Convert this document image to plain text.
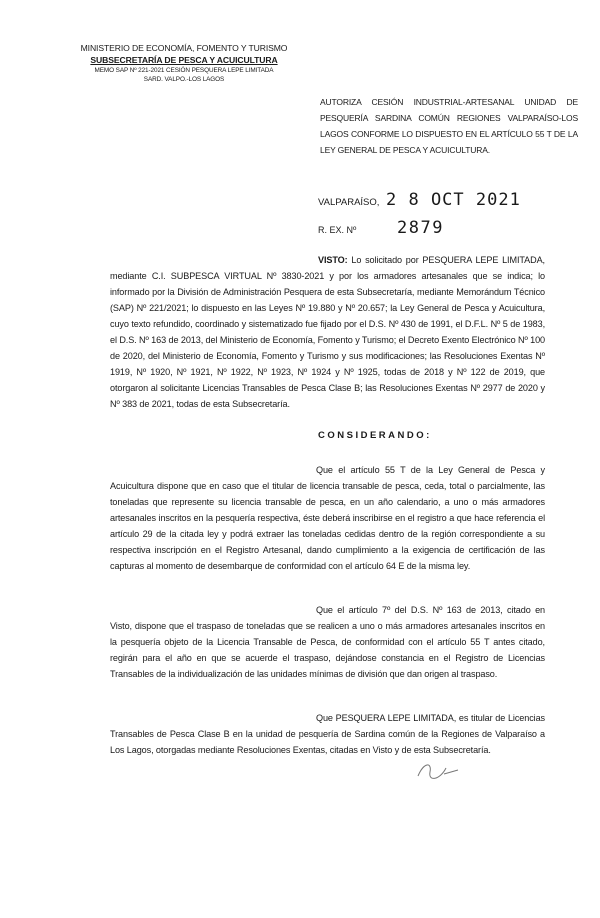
MINISTERIO DE ECONOMÍA, FOMENTO Y TURISMO
SUBSECRETARÍA DE PESCA Y ACUICULTURA
MEMO SAP Nº 221-2021 CESIÓN PESQUERA LEPE LIMITADA
SARD. VALPO.-LOS LAGOS
AUTORIZA CESIÓN INDUSTRIAL-ARTESANAL UNIDAD DE PESQUERÍA SARDINA COMÚN REGIONES VALPARAÍSO-LOS LAGOS CONFORME LO DISPUESTO EN EL ARTÍCULO 55 T DE LA LEY GENERAL DE PESCA Y ACUICULTURA.
VALPARAÍSO, 2 8 OCT 2021
R. EX. Nº 2879
VISTO: Lo solicitado por PESQUERA LEPE LIMITADA, mediante C.I. SUBPESCA VIRTUAL Nº 3830-2021 y por los armadores artesanales que se indica; lo informado por la División de Administración Pesquera de esta Subsecretaría, mediante Memorándum Técnico (SAP) Nº 221/2021; lo dispuesto en las Leyes Nº 19.880 y Nº 20.657; la Ley General de Pesca y Acuicultura, cuyo texto refundido, coordinado y sistematizado fue fijado por el D.S. Nº 430 de 1991, el D.F.L. Nº 5 de 1983, el D.S. Nº 163 de 2013, del Ministerio de Economía, Fomento y Turismo; el Decreto Exento Electrónico Nº 100 de 2020, del Ministerio de Economía, Fomento y Turismo y sus modificaciones; las Resoluciones Exentas Nº 1919, Nº 1920, Nº 1921, Nº 1922, Nº 1923, Nº 1924 y Nº 1925, todas de 2018 y Nº 122 de 2019, que otorgaron al solicitante Licencias Transables de Pesca Clase B; las Resoluciones Exentas Nº 2977 de 2020 y Nº 383 de 2021, todas de esta Subsecretaría.
CONSIDERANDO:
Que el artículo 55 T de la Ley General de Pesca y Acuicultura dispone que en caso que el titular de licencia transable de pesca, ceda, total o parcialmente, las toneladas que represente su licencia transable de pesca, en un año calendario, a uno o más armadores artesanales inscritos en la pesquería respectiva, éste deberá inscribirse en el registro a que hace referencia el artículo 29 de la citada ley y podrá extraer las toneladas cedidas dentro de la región correspondiente a su respectiva inscripción en el Registro Artesanal, dando cumplimiento a la exigencia de certificación de las capturas al momento de desembarque de conformidad con el artículo 64 E de la misma ley.
Que el artículo 7º del D.S. Nº 163 de 2013, citado en Visto, dispone que el traspaso de toneladas que se realicen a uno o más armadores artesanales inscritos en la pesquería objeto de la Licencia Transable de Pesca, de conformidad con el artículo 55 T antes citado, regirán para el año en que se acuerde el traspaso, dejándose constancia en el Registro de Licencias Transables de la individualización de las unidades mínimas de división que dan origen al traspaso.
Que PESQUERA LEPE LIMITADA, es titular de Licencias Transables de Pesca Clase B en la unidad de pesquería de Sardina común de la Regiones de Valparaíso a Los Lagos, otorgadas mediante Resoluciones Exentas, citadas en Visto y de esta Subsecretaría.
